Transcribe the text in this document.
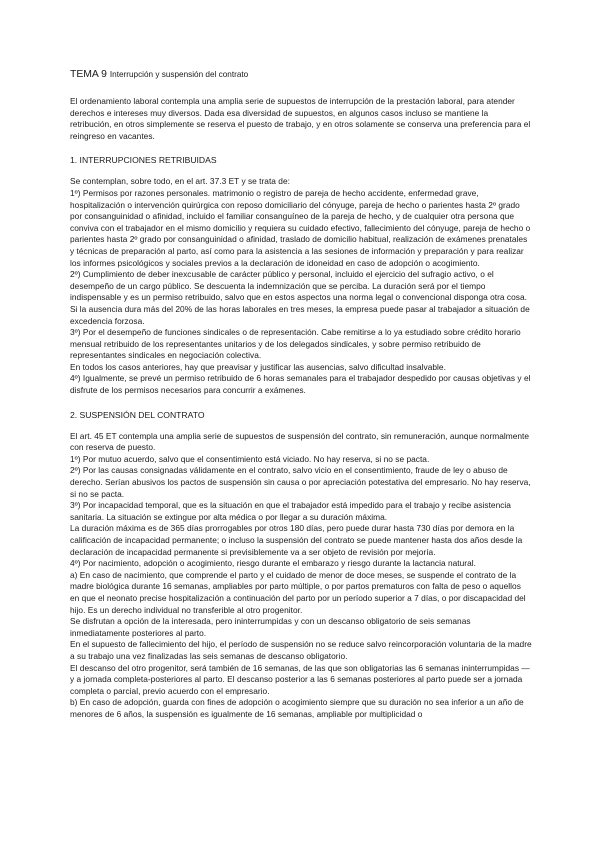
TEMA 9 Interrupción y suspensión del contrato

El ordenamiento laboral contempla una amplia serie de supuestos de interrupción de la prestación laboral, para atender derechos e intereses muy diversos. Dada esa diversidad de supuestos, en algunos casos incluso se mantiene la retribución, en otros simplemente se reserva el puesto de trabajo, y en otros solamente se conserva una preferencia para el reingreso en vacantes.

1. INTERRUPCIONES RETRIBUIDAS

Se contemplan, sobre todo, en el art. 37.3 ET y se trata de:

1º) Permisos por razones personales. matrimonio o registro de pareja de hecho accidente, enfermedad grave, hospitalización o intervención quirúrgica con reposo domiciliario del cónyuge, pareja de hecho o parientes hasta 2º grado por consanguinidad o afinidad, incluido el familiar consanguíneo de la pareja de hecho, y de cualquier otra persona que conviva con el trabajador en el mismo domicilio y requiera su cuidado efectivo, fallecimiento del cónyuge, pareja de hecho o parientes hasta 2º grado por consanguinidad o afinidad, traslado de domicilio habitual, realización de exámenes prenatales y técnicas de preparación al parto, así como para la asistencia a las sesiones de información y preparación y para realizar los informes psicológicos y sociales previos a la declaración de idoneidad en caso de adopción o acogimiento.

2º) Cumplimiento de deber inexcusable de carácter público y personal, incluido el ejercicio del sufragio activo, o el desempeño de un cargo público. Se descuenta la indemnización que se perciba. La duración será por el tiempo indispensable y es un permiso retribuido, salvo que en estos aspectos una norma legal o convencional disponga otra cosa. Si la ausencia dura más del 20% de las horas laborales en tres meses, la empresa puede pasar al trabajador a situación de excedencia forzosa.

3º) Por el desempeño de funciones sindicales o de representación. Cabe remitirse a lo ya estudiado sobre crédito horario mensual retribuido de los representantes unitarios y de los delegados sindicales, y sobre permiso retribuido de representantes sindicales en negociación colectiva.

En todos los casos anteriores, hay que preavisar y justificar las ausencias, salvo dificultad insalvable.

4º) Igualmente, se prevé un permiso retribuido de 6 horas semanales para el trabajador despedido por causas objetivas y el disfrute de los permisos necesarios para concurrir a exámenes.

2. SUSPENSIÓN DEL CONTRATO

El art. 45 ET contempla una amplia serie de supuestos de suspensión del contrato, sin remuneración, aunque normalmente con reserva de puesto.

1º) Por mutuo acuerdo, salvo que el consentimiento está viciado. No hay reserva, si no se pacta.

2º) Por las causas consignadas válidamente en el contrato, salvo vicio en el consentimiento, fraude de ley o abuso de derecho. Serían abusivos los pactos de suspensión sin causa o por apreciación potestativa del empresario. No hay reserva, si no se pacta.

3º) Por incapacidad temporal, que es la situación en que el trabajador está impedido para el trabajo y recibe asistencia sanitaria. La situación se extingue por alta médica o por llegar a su duración máxima.

La duración máxima es de 365 días prorrogables por otros 180 días, pero puede durar hasta 730 días por demora en la calificación de incapacidad permanente; o incluso la suspensión del contrato se puede mantener hasta dos años desde la declaración de incapacidad permanente si previsiblemente va a ser objeto de revisión por mejoría.

4º) Por nacimiento, adopción o acogimiento, riesgo durante el embarazo y riesgo durante la lactancia natural.

a) En caso de nacimiento, que comprende el parto y el cuidado de menor de doce meses, se suspende el contrato de la madre biológica durante 16 semanas, ampliables por parto múltiple, o por partos prematuros con falta de peso o aquellos en que el neonato precise hospitalización a continuación del parto por un período superior a 7 días, o por discapacidad del hijo. Es un derecho individual no transferible al otro progenitor.

Se disfrutan a opción de la interesada, pero ininterrumpidas y con un descanso obligatorio de seis semanas inmediatamente posteriores al parto.

En el supuesto de fallecimiento del hijo, el período de suspensión no se reduce salvo reincorporación voluntaria de la madre a su trabajo una vez finalizadas las seis semanas de descanso obligatorio.

El descanso del otro progenitor, será también de 16 semanas, de las que son obligatorias las 6 semanas ininterrumpidas —y a jornada completa-posteriores al parto. El descanso posterior a las 6 semanas posteriores al parto puede ser a jornada completa o parcial, previo acuerdo con el empresario.

b) En caso de adopción, guarda con fines de adopción o acogimiento siempre que su duración no sea inferior a un año de menores de 6 años, la suspensión es igualmente de 16 semanas, ampliable por multiplicidad o
